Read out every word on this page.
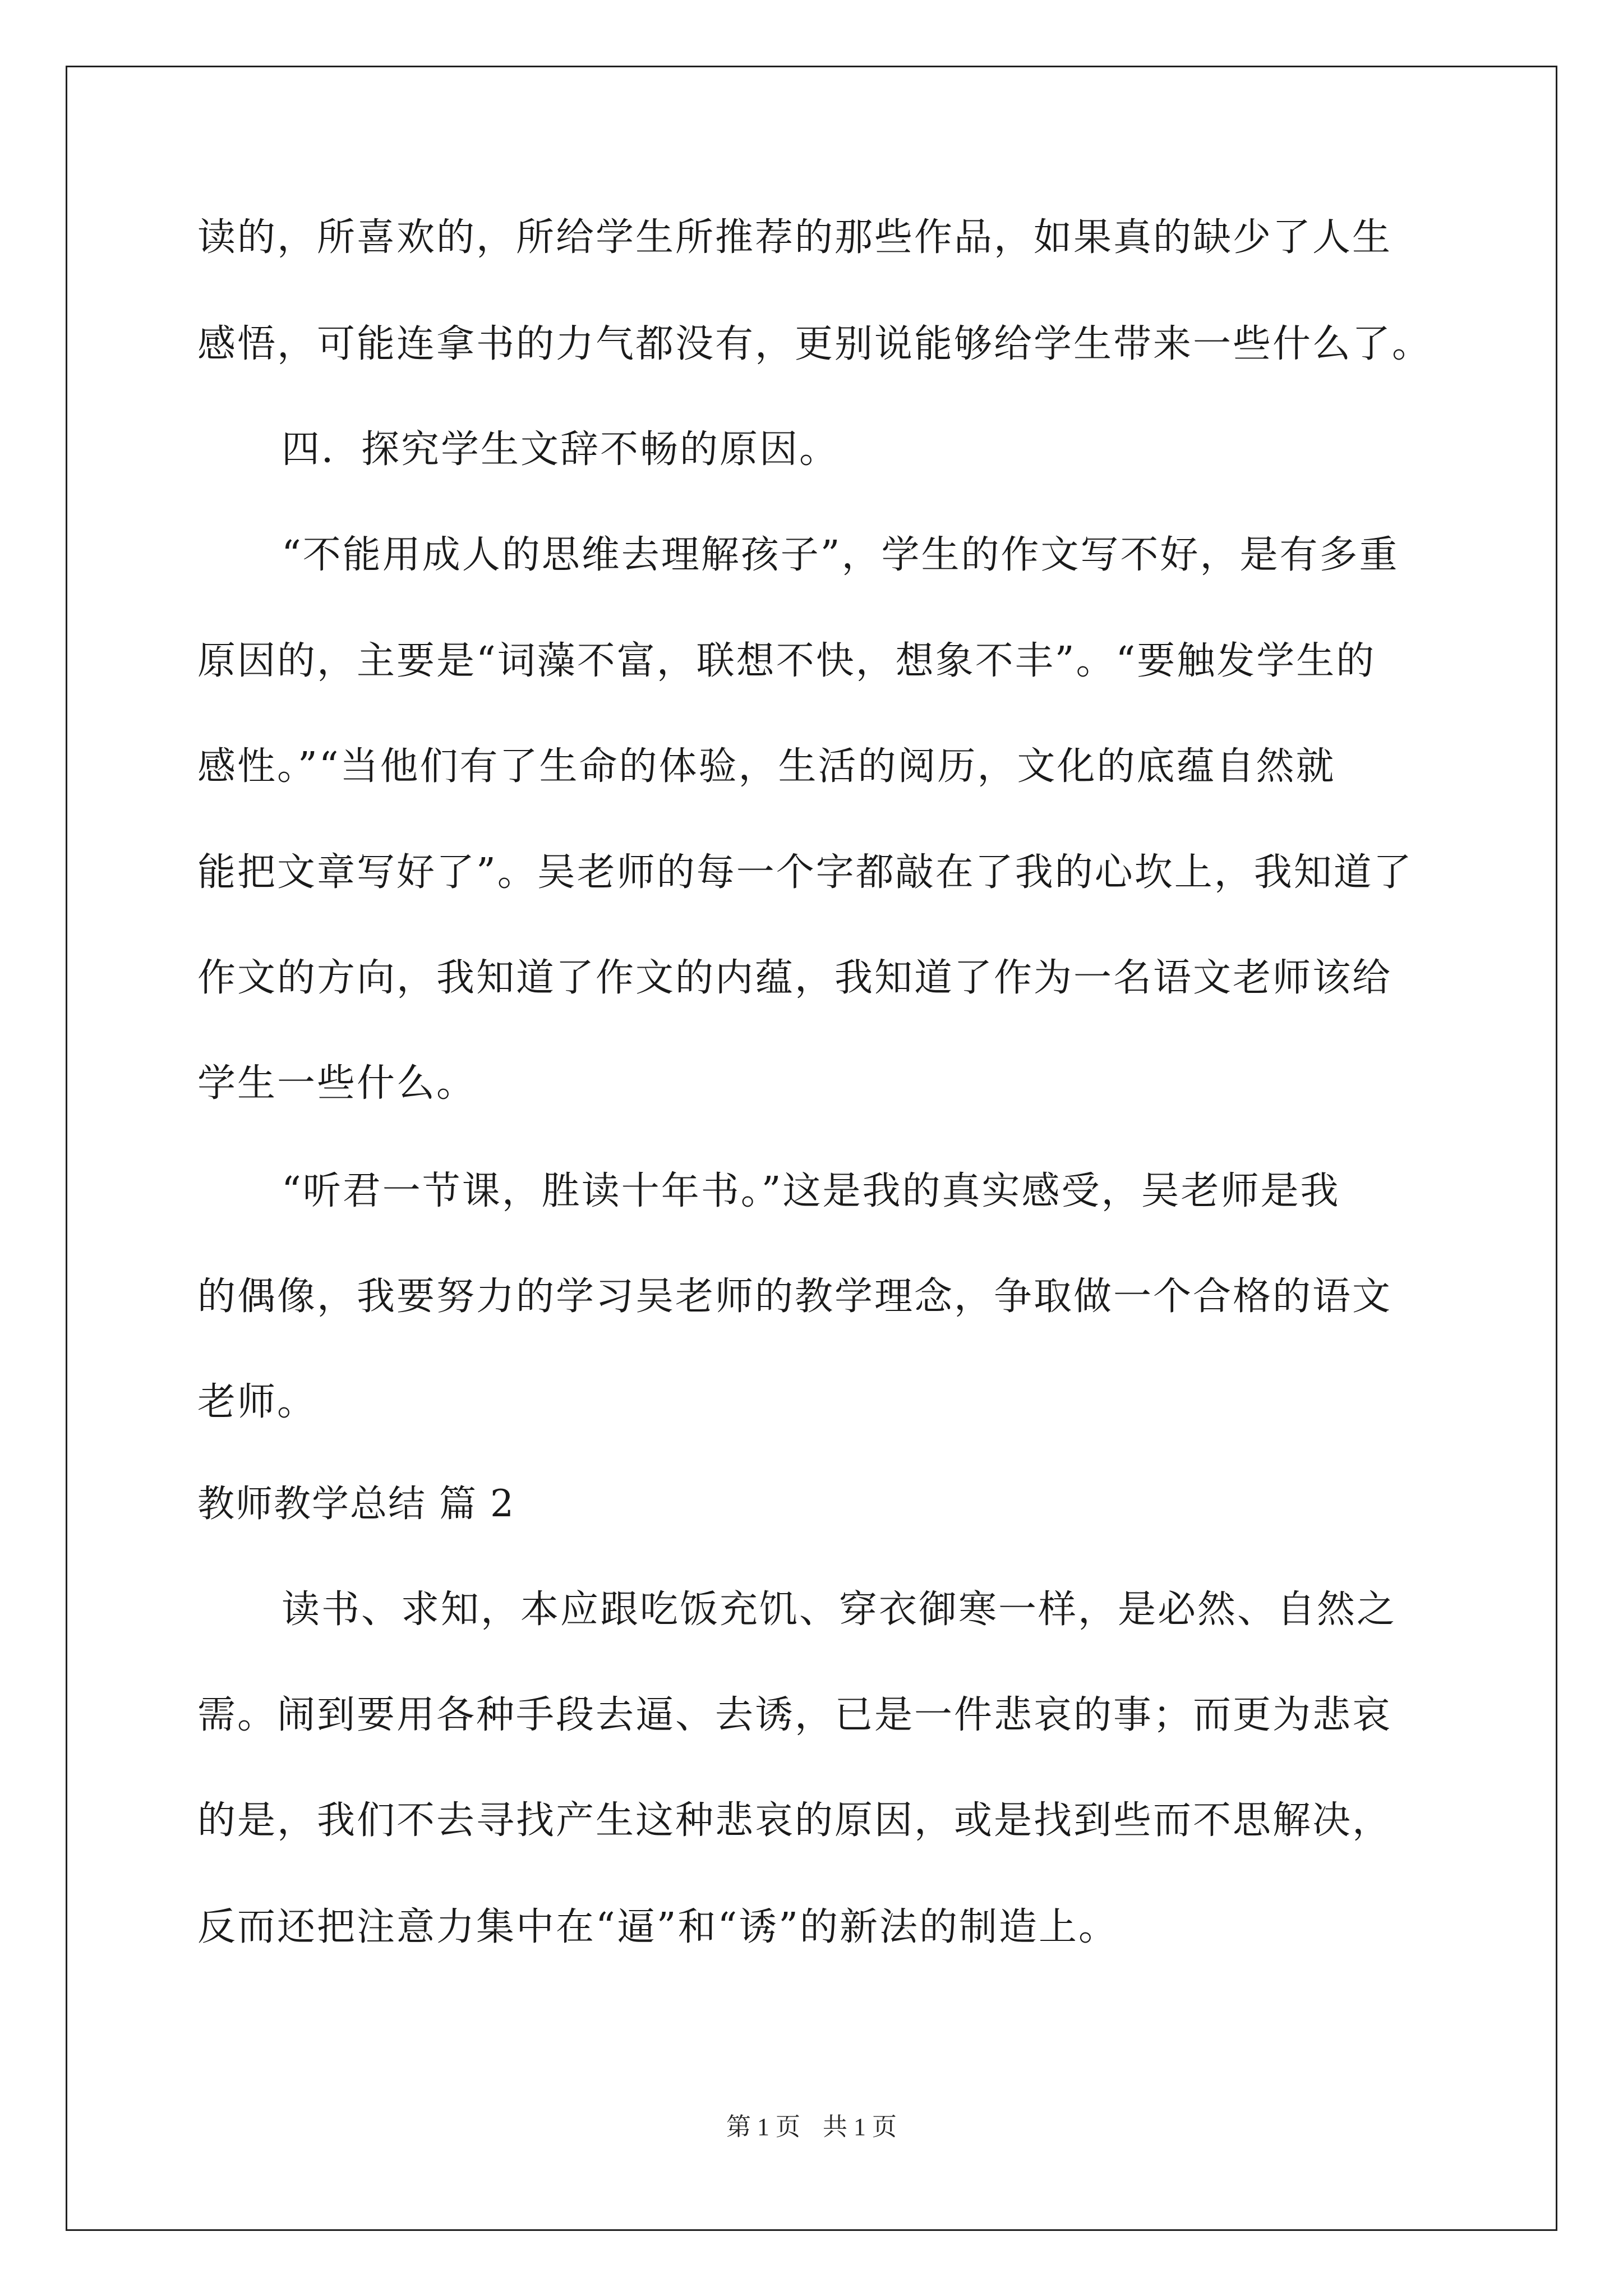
读的，所喜欢的，所给学生所推荐的那些作品，如果真的缺少了人生
感悟，可能连拿书的力气都没有，更别说能够给学生带来一些什么了。
四．探究学生文辞不畅的原因。
“不能用成人的思维去理解孩子”，学生的作文写不好，是有多重
原因的，主要是“词藻不富，联想不快，想象不丰”。“要触发学生的
感性。”“当他们有了生命的体验，生活的阅历，文化的底蕴自然就
能把文章写好了”。吴老师的每一个字都敲在了我的心坎上，我知道了
作文的方向，我知道了作文的内蕴，我知道了作为一名语文老师该给
学生一些什么。
“听君一节课，胜读十年书。”这是我的真实感受，吴老师是我
的偶像，我要努力的学习吴老师的教学理念，争取做一个合格的语文
老师。
教师教学总结 篇 2
读书、求知，本应跟吃饭充饥、穿衣御寒一样，是必然、自然之
需。闹到要用各种手段去逼、去诱，已是一件悲哀的事；而更为悲哀
的是，我们不去寻找产生这种悲哀的原因，或是找到些而不思解决，
反而还把注意力集中在“逼”和“诱”的新法的制造上。
第 1 页 共 1 页
